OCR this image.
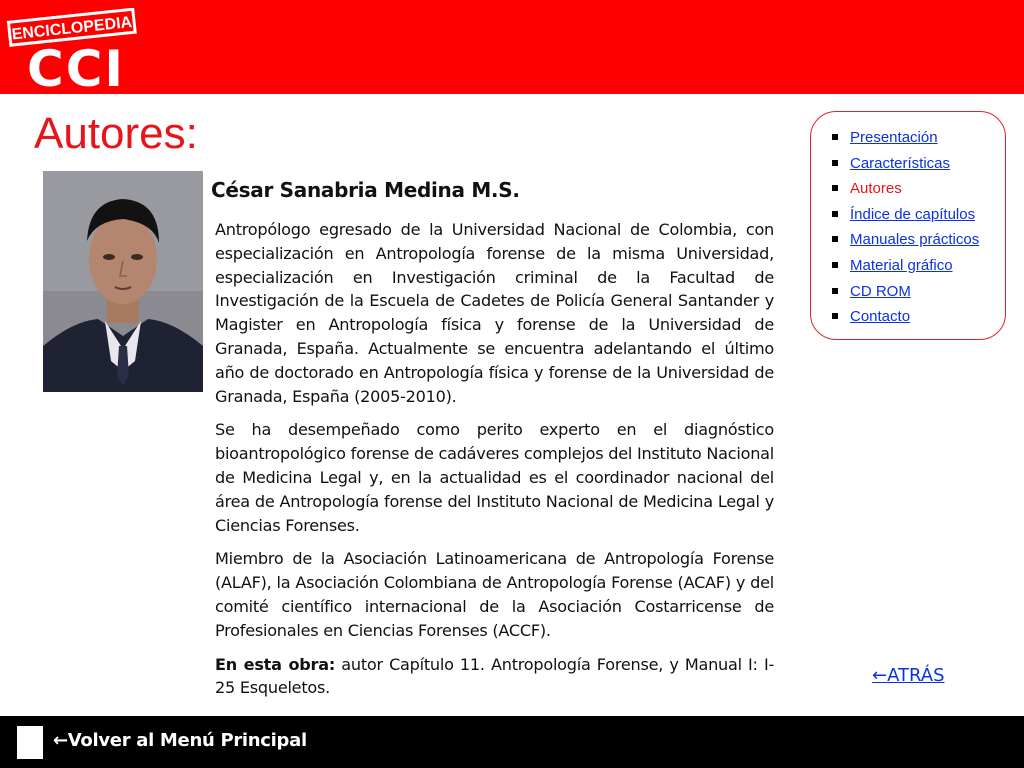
ENCICLOPEDIA
CCI
Autores:
César Sanabria Medina M.S.

Antropólogo egresado de la Universidad Nacional de Colombia, con especialización en Antropología forense de la misma Universidad, especialización en Investigación criminal de la Facultad de Investigación de la Escuela de Cadetes de Policía General Santander y Magister en Antropología física y forense de la Universidad de Granada, España. Actualmente se encuentra adelantando el último año de doctorado en Antropología física y forense de la Universidad de Granada, España (2005-2010).

Se ha desempeñado como perito experto en el diagnóstico bioantropológico forense de cadáveres complejos del Instituto Nacional de Medicina Legal y, en la actualidad es el coordinador nacional del área de Antropología forense del Instituto Nacional de Medicina Legal y Ciencias Forenses.

Miembro de la Asociación Latinoamericana de Antropología Forense (ALAF), la Asociación Colombiana de Antropología Forense (ACAF) y del comité científico internacional de la Asociación Costarricense de Profesionales en Ciencias Forenses (ACCF).

En esta obra: autor Capítulo 11. Antropología Forense, y Manual I: I-25 Esqueletos.

Presentación
Características
Autores
Índice de capítulos
Manuales prácticos
Material gráfico
CD ROM
Contacto
←ATRÁS
←Volver al Menú Principal
